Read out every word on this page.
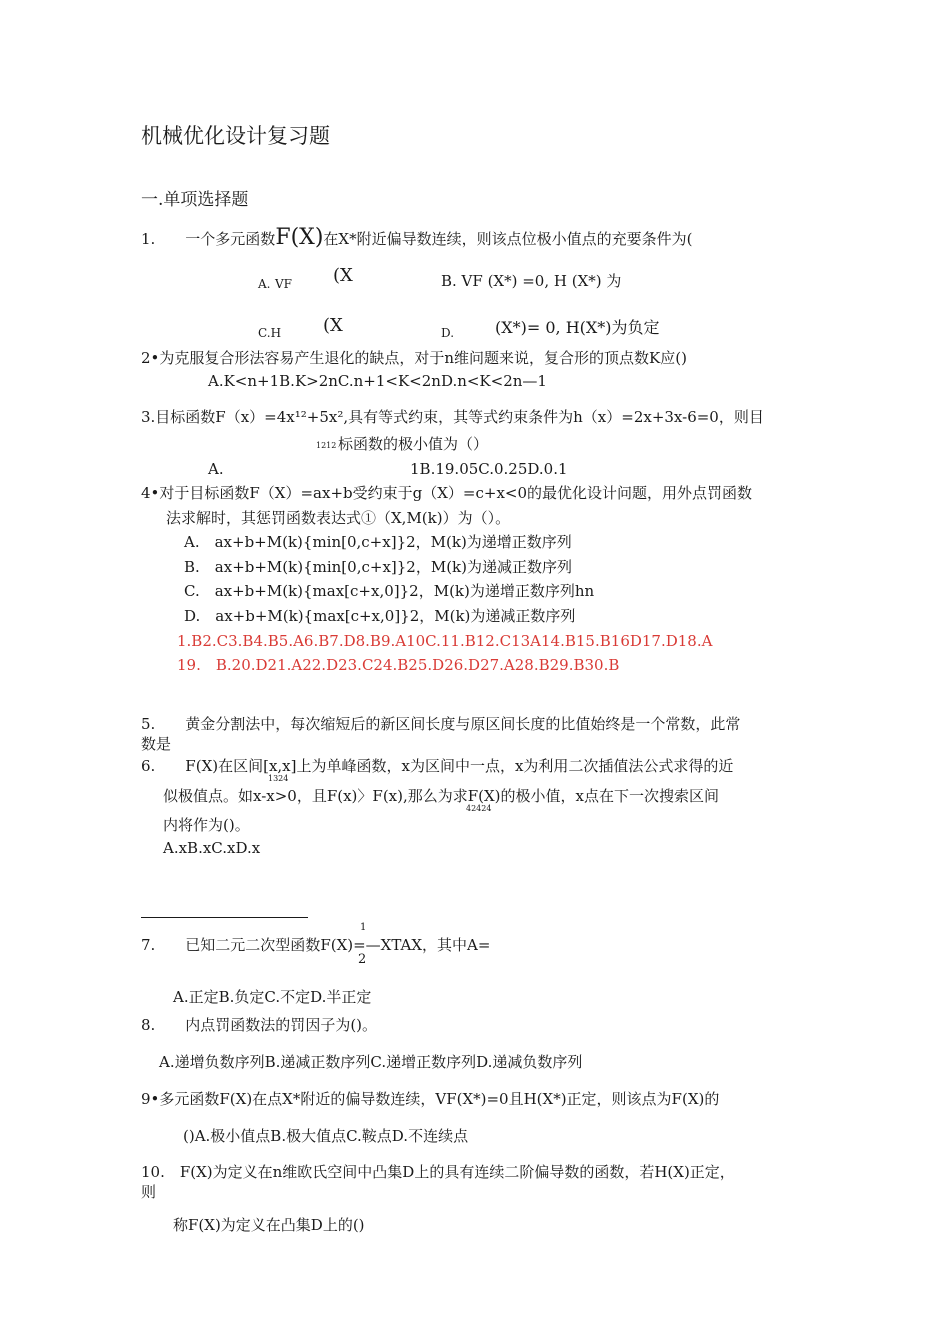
机械优化设计复习题
一.单项选择题
1.　　一个多元函数F(X)在X*附近偏导数连续，则该点位极小值点的充要条件为(
A. VF (X	B. VF (X*) =0, H (X*) 为
C.H (X	D.	(X*)= 0, H(X*)为负定
2•为克服复合形法容易产生退化的缺点，对于n维问题来说，复合形的顶点数K应()
A.K<n+1B.K>2nC.n+1<K<2nD.n<K<2n—1
3.目标函数F（x）=4x¹²+5x²,具有等式约束，其等式约束条件为h（x）=2x+3x-6=0，则目
1212 标函数的极小值为（）
A.	1B.19.05C.0.25D.0.1
4•对于目标函数F（X）=ax+b受约束于g（X）=c+x<0的最优化设计问题，用外点罚函数
法求解时，其惩罚函数表达式①（X,M(k)）为（）。
A.　ax+b+M(k){min[0,c+x]}2，M(k)为递增正数序列
B.　ax+b+M(k){min[0,c+x]}2，M(k)为递减正数序列
C.　ax+b+M(k){max[c+x,0]}2，M(k)为递增正数序列hn
D.　ax+b+M(k){max[c+x,0]}2，M(k)为递减正数序列
1.B2.C3.B4.B5.A6.B7.D8.B9.A10C.11.B12.C13A14.B15.B16D17.D18.A
19.　B.20.D21.A22.D23.C24.B25.D26.D27.A28.B29.B30.B
5.　　黄金分割法中，每次缩短后的新区间长度与原区间长度的比值始终是一个常数，此常
数是
6.　　F(X)在区间[x,x]上为单峰函数，x为区间中一点，x为利用二次插值法公式求得的近
1324
似极值点。如x-x>0，且F(x)〉F(x),那么为求F(X)的极小值，x点在下一次搜索区间
42424
内将作为()。
A.xB.xC.xD.x
1
7.　　已知二元二次型函数F(X)=—XTAX，其中A=
2
A.正定B.负定C.不定D.半正定
8.　　内点罚函数法的罚因子为()。
A.递增负数序列B.递减正数序列C.递增正数序列D.递减负数序列
9•多元函数F(X)在点X*附近的偏导数连续，VF(X*)=0且H(X*)正定，则该点为F(X)的
()A.极小值点B.极大值点C.鞍点D.不连续点
10.　F(X)为定义在n维欧氏空间中凸集D上的具有连续二阶偏导数的函数，若H(X)正定，
则
称F(X)为定义在凸集D上的()
